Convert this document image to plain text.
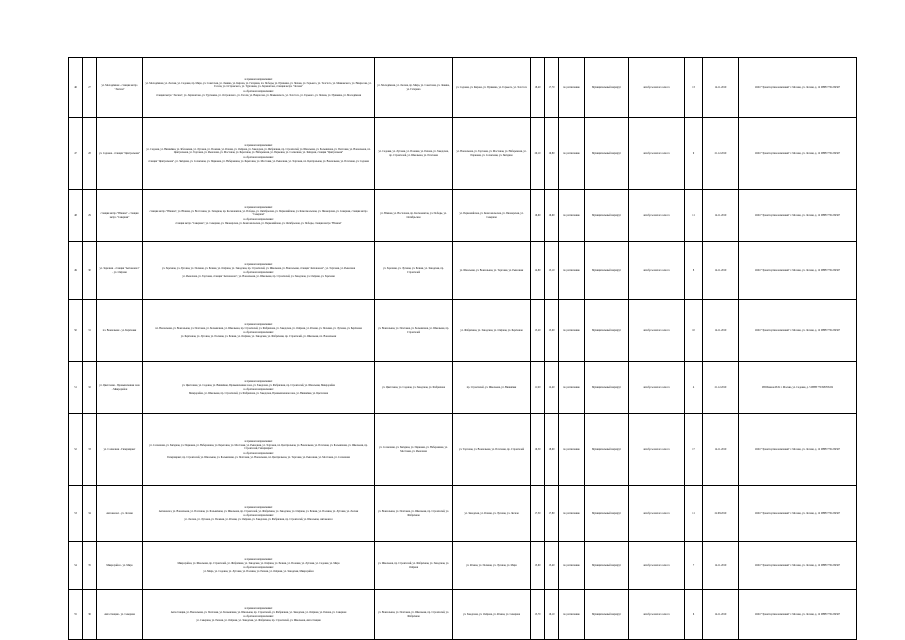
46	27	ул. Молодёжная - станция метро "Лесная"	в прямом направлении:
ул. Молодёжная, ул. Лесная, ул. Садовая, пр. Мира, ул. Советская, ул. Ленина, ул. Кирова, ул. Гагарина, пл. Победы, ул. Пушкина, ул. Чехова, ул. Горького, ул. Толстого, ул. Маяковского, ул. Некрасова, ул. Гоголя, ул. Островского, ул. Тургенева, ул. Лермонтова, станция метро "Лесная"
в обратном направлении:
станция метро "Лесная", ул. Лермонтова, ул. Тургенева, ул. Островского, ул. Гоголя, ул. Некрасова, ул. Маяковского, ул. Толстого, ул. Горького, ул. Чехова, ул. Пушкина, ул. Молодёжная	ул. Молодёжная, ул. Лесная, пр. Мира, ул. Советская, ул. Ленина, ул. Гагарина	ул. Садовая, ул. Кирова, ул. Пушкина, ул. Горького, ул. Толстого	18,40	17,70	по расписанию	Муниципальный маршрут	автобусы малого класса	13	14.11.2019	ООО "Транспортная компания" г. Москва, ул. Лесная, д. 12 ИНН 7701234567
47	28	ул. Садовая - станция "Центральная"	в прямом направлении:
ул. Садовая, ул. Вишнёвая, ул. Яблоневая, ул. Луговая, ул. Полевая, ул. Речная, ул. Озёрная, ул. Заводская, ул. Фабричная, пр. Строителей, ул. Школьная, ул. Больничная, ул. Почтовая, ул. Вокзальная, пл. Центральная, ул. Торговая, ул. Рыночная, ул. Мостовая, ул. Береговая, ул. Набережная, ул. Парковая, ул. Солнечная, ул. Звёздная, станция "Центральная"
в обратном направлении:
станция "Центральная", ул. Звёздная, ул. Солнечная, ул. Парковая, ул. Набережная, ул. Береговая, ул. Мостовая, ул. Рыночная, ул. Торговая, пл. Центральная, ул. Вокзальная, ул. Почтовая, ул. Садовая	ул. Садовая, ул. Луговая, ул. Полевая, ул. Речная, ул. Заводская, пр. Строителей, ул. Школьная, ул. Почтовая	ул. Вокзальная, ул. Торговая, ул. Мостовая, ул. Набережная, ул. Парковая, ул. Солнечная, ул. Звёздная	20,10	19,80	по расписанию	Муниципальный маршрут	автобусы малого класса	9	21.12.2019	ООО "Транспортная компания" г. Москва, ул. Лесная, д. 12 ИНН 7701234567
48	29	станция метро "Южная" - станция метро "Северная"	в прямом направлении:
станция метро "Южная", ул. Южная, ул. Восточная, ул. Западная, пр. Космонавтов, ул. Победы, ул. Октябрьская, ул. Первомайская, ул. Комсомольская, ул. Пионерская, ул. Северная, станция метро "Северная"
в обратном направлении:
станция метро "Северная", ул. Северная, ул. Пионерская, ул. Комсомольская, ул. Первомайская, ул. Октябрьская, ул. Победы, станция метро "Южная"	ул. Южная, ул. Восточная, пр. Космонавтов, ул. Победы, ул. Октябрьская	ул. Первомайская, ул. Комсомольская, ул. Пионерская, ул. Северная	16,60	16,90	по расписанию	Муниципальный маршрут	автобусы малого класса	11	14.11.2019	ООО "Транспортная компания" г. Москва, ул. Лесная, д. 12 ИНН 7701234567
49	30	ул. Заречная - станция "Автовокзал" - ул. Озёрная	в прямом направлении:
ул. Заречная, ул. Луговая, ул. Полевая, ул. Речная, ул. Озёрная, ул. Заводская, пр. Строителей, ул. Школьная, ул. Вокзальная, станция "Автовокзал", ул. Торговая, ул. Рыночная
в обратном направлении:
ул. Рыночная, ул. Торговая, станция "Автовокзал", ул. Вокзальная, ул. Школьная, пр. Строителей, ул. Заводская, ул. Озёрная, ул. Заречная	ул. Заречная, ул. Луговая, ул. Речная, ул. Заводская, пр. Строителей	ул. Школьная, ул. Вокзальная, ул. Торговая, ул. Рыночная	14,80	15,10	по расписанию	Муниципальный маршрут	автобусы малого класса	8	14.11.2019	ООО "Транспортная компания" г. Москва, ул. Лесная, д. 12 ИНН 7701234567
50	31	пл. Вокзальная - ул. Берёзовая	в прямом направлении:
пл. Вокзальная, ул. Вокзальная, ул. Почтовая, ул. Больничная, ул. Школьная, пр. Строителей, ул. Фабричная, ул. Заводская, ул. Озёрная, ул. Речная, ул. Полевая, ул. Луговая, ул. Берёзовая
в обратном направлении:
ул. Берёзовая, ул. Луговая, ул. Полевая, ул. Речная, ул. Озёрная, ул. Заводская, ул. Фабричная, пр. Строителей, ул. Школьная, пл. Вокзальная	ул. Вокзальная, ул. Почтовая, ул. Больничная, ул. Школьная, пр. Строителей	ул. Фабричная, ул. Заводская, ул. Озёрная, ул. Берёзовая	15,20	15,00	по расписанию	Муниципальный маршрут	автобусы малого класса	10	14.11.2019	ООО "Транспортная компания" г. Москва, ул. Лесная, д. 12 ИНН 7701234567
51	32	ул. Цветочная - Промышленная зона - Микрорайон	в прямом направлении:
ул. Цветочная, ул. Садовая, ул. Вишнёвая, Промышленная зона, ул. Заводская, ул. Фабричная, пр. Строителей, ул. Школьная, Микрорайон
в обратном направлении:
Микрорайон, ул. Школьная, пр. Строителей, ул. Фабричная, ул. Заводская, Промышленная зона, ул. Вишнёвая, ул. Цветочная	ул. Цветочная, ул. Садовая, ул. Заводская, ул. Фабричная	пр. Строителей, ул. Школьная, ул. Вишнёвая	11,90	12,40	по расписанию	Муниципальный маршрут	автобусы малого класса	4	21.12.2019	ИП Иванов И.И. г. Москва, ул. Садовая, д. 5 ИНН 770198765432
52	33	ул. Солнечная - Гипермаркет	в прямом направлении:
ул. Солнечная, ул. Звёздная, ул. Парковая, ул. Набережная, ул. Береговая, ул. Мостовая, ул. Рыночная, ул. Торговая, пл. Центральная, ул. Вокзальная, ул. Почтовая, ул. Больничная, ул. Школьная, пр. Строителей, Гипермаркет
в обратном направлении:
Гипермаркет, пр. Строителей, ул. Школьная, ул. Больничная, ул. Почтовая, ул. Вокзальная, пл. Центральная, ул. Торговая, ул. Рыночная, ул. Мостовая, ул. Солнечная	ул. Солнечная, ул. Звёздная, ул. Парковая, ул. Набережная, ул. Мостовая, ул. Рыночная	ул. Торговая, ул. Вокзальная, ул. Почтовая, пр. Строителей	19,50	18,90	по расписанию	Муниципальный маршрут	автобусы малого класса	17	14.11.2019	ООО "Транспортная компания" г. Москва, ул. Лесная, д. 12 ИНН 7701234567
53	34	Автовокзал - ул. Лесная	в прямом направлении:
Автовокзал, ул. Вокзальная, ул. Почтовая, ул. Больничная, ул. Школьная, пр. Строителей, ул. Фабричная, ул. Заводская, ул. Озёрная, ул. Речная, ул. Полевая, ул. Луговая, ул. Лесная
в обратном направлении:
ул. Лесная, ул. Луговая, ул. Полевая, ул. Речная, ул. Озёрная, ул. Заводская, ул. Фабричная, пр. Строителей, ул. Школьная, Автовокзал	ул. Вокзальная, ул. Почтовая, ул. Школьная, пр. Строителей, ул. Фабричная	ул. Заводская, ул. Речная, ул. Луговая, ул. Лесная	17,30	17,80	по расписанию	Муниципальный маршрут	автобусы малого класса	11	22.08.2019	ООО "Транспортная компания" г. Москва, ул. Лесная, д. 12 ИНН 7701234567
54	35	Микрорайон - ул. Мира	в прямом направлении:
Микрорайон, ул. Школьная, пр. Строителей, ул. Фабричная, ул. Заводская, ул. Озёрная, ул. Речная, ул. Полевая, ул. Луговая, ул. Садовая, ул. Мира
в обратном направлении:
ул. Мира, ул. Садовая, ул. Луговая, ул. Полевая, ул. Речная, ул. Озёрная, ул. Заводская, Микрорайон	ул. Школьная, пр. Строителей, ул. Фабричная, ул. Заводская, ул. Озёрная	ул. Речная, ул. Полевая, ул. Луговая, ул. Мира	13,60	13,40	по расписанию	Муниципальный маршрут	автобусы малого класса	7	14.11.2019	ООО "Транспортная компания" г. Москва, ул. Лесная, д. 12 ИНН 7701234567
55	36	Автостанция - ул. Северная	в прямом направлении:
Автостанция, ул. Вокзальная, ул. Почтовая, ул. Больничная, ул. Школьная, пр. Строителей, ул. Фабричная, ул. Заводская, ул. Озёрная, ул. Речная, ул. Северная
в обратном направлении:
ул. Северная, ул. Речная, ул. Озёрная, ул. Заводская, ул. Фабричная, пр. Строителей, ул. Школьная, Автостанция	ул. Вокзальная, ул. Почтовая, ул. Школьная, пр. Строителей, ул. Фабричная	ул. Заводская, ул. Озёрная, ул. Речная, ул. Северная	15,70	16,10	по расписанию	Муниципальный маршрут	автобусы малого класса	6	14.11.2019	ООО "Транспортная компания" г. Москва, ул. Лесная, д. 12 ИНН 7701234567
